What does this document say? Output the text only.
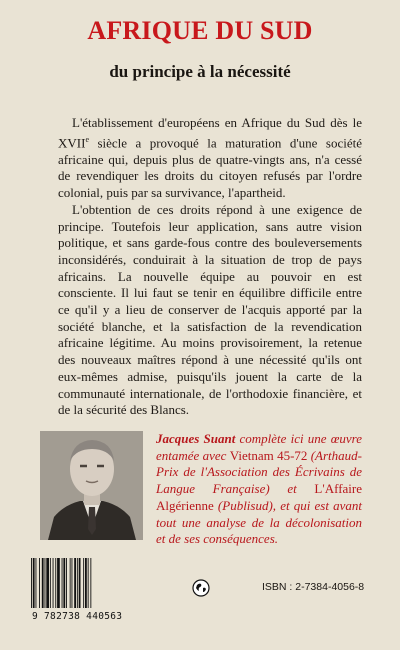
AFRIQUE DU SUD
du principe à la nécessité

L'établissement d'européens en Afrique du Sud dès le XVIIe siècle a provoqué la maturation d'une société africaine qui, depuis plus de quatre-vingts ans, n'a cessé de revendiquer les droits du citoyen refusés par l'ordre colonial, puis par sa survivance, l'apartheid.

L'obtention de ces droits répond à une exigence de principe. Toutefois leur application, sans autre vision politique, et sans garde-fous contre des bouleversements inconsidérés, conduirait à la situation de trop de pays africains. La nouvelle équipe au pouvoir en est consciente. Il lui faut se tenir en équilibre difficile entre ce qu'il y a lieu de conserver de l'acquis apporté par la société blanche, et la satisfaction de la revendication africaine légitime. Au moins provisoirement, la retenue des nouveaux maîtres répond à une nécessité qu'ils ont eux-mêmes admise, puisqu'ils jouent la carte de la communauté internationale, de l'orthodoxie financière, et de la sécurité des Blancs.

Jacques Suant complète ici une œuvre entamée avec Vietnam 45-72 (Arthaud-Prix de l'Association des Écrivains de Langue Française) et L'Affaire Algérienne (Publisud), et qui est avant tout une analyse de la décolonisation et de ses conséquences.
9 782738 440563
ISBN : 2-7384-4056-8
